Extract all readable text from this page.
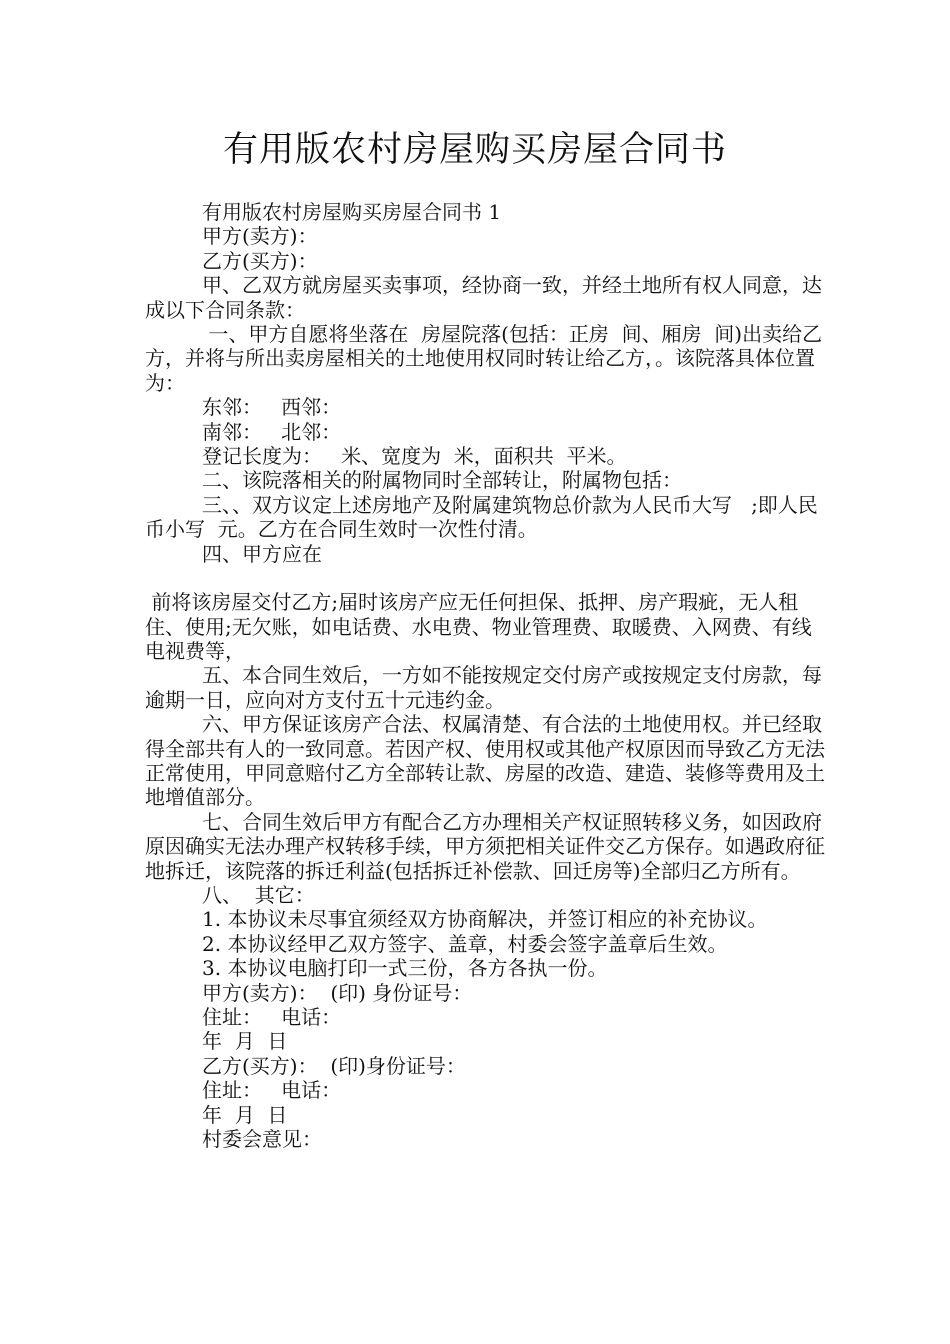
有用版农村房屋购买房屋合同书

有用版农村房屋购买房屋合同书 1

甲方(卖方)：

乙方(买方)：

甲、乙双方就房屋买卖事项，经协商一致，并经土地所有权人同意，达成以下合同条款：

一、甲方自愿将坐落在  房屋院落(包括：正房  间、厢房  间)出卖给乙方，并将与所出卖房屋相关的土地使用权同时转让给乙方，。该院落具体位置为：

东邻：   西邻：

南邻：   北邻：

登记长度为：   米、宽度为  米，面积共  平米。

二、该院落相关的附属物同时全部转让，附属物包括：

三、、双方议定上述房地产及附属建筑物总价款为人民币大写   ;即人民币小写  元。乙方在合同生效时一次性付清。

四、甲方应在

前将该房屋交付乙方;届时该房产应无任何担保、抵押、房产瑕疵，无人租住、使用;无欠账，如电话费、水电费、物业管理费、取暖费、入网费、有线电视费等，

五、本合同生效后，一方如不能按规定交付房产或按规定支付房款，每逾期一日，应向对方支付五十元违约金。

六、甲方保证该房产合法、权属清楚、有合法的土地使用权。并已经取得全部共有人的一致同意。若因产权、使用权或其他产权原因而导致乙方无法正常使用，甲同意赔付乙方全部转让款、房屋的改造、建造、装修等费用及土地增值部分。

七、合同生效后甲方有配合乙方办理相关产权证照转移义务，如因政府原因确实无法办理产权转移手续，甲方须把相关证件交乙方保存。如遇政府征地拆迁，该院落的拆迁利益(包括拆迁补偿款、回迁房等)全部归乙方所有。

八、  其它：

1. 本协议未尽事宜须经双方协商解决，并签订相应的补充协议。

2. 本协议经甲乙双方签字、盖章，村委会签字盖章后生效。

3. 本协议电脑打印一式三份，各方各执一份。

甲方(卖方)：  (印) 身份证号：

住址：   电话：

年  月  日

乙方(买方)：  (印)身份证号：

住址：   电话：

年  月  日

村委会意见：
